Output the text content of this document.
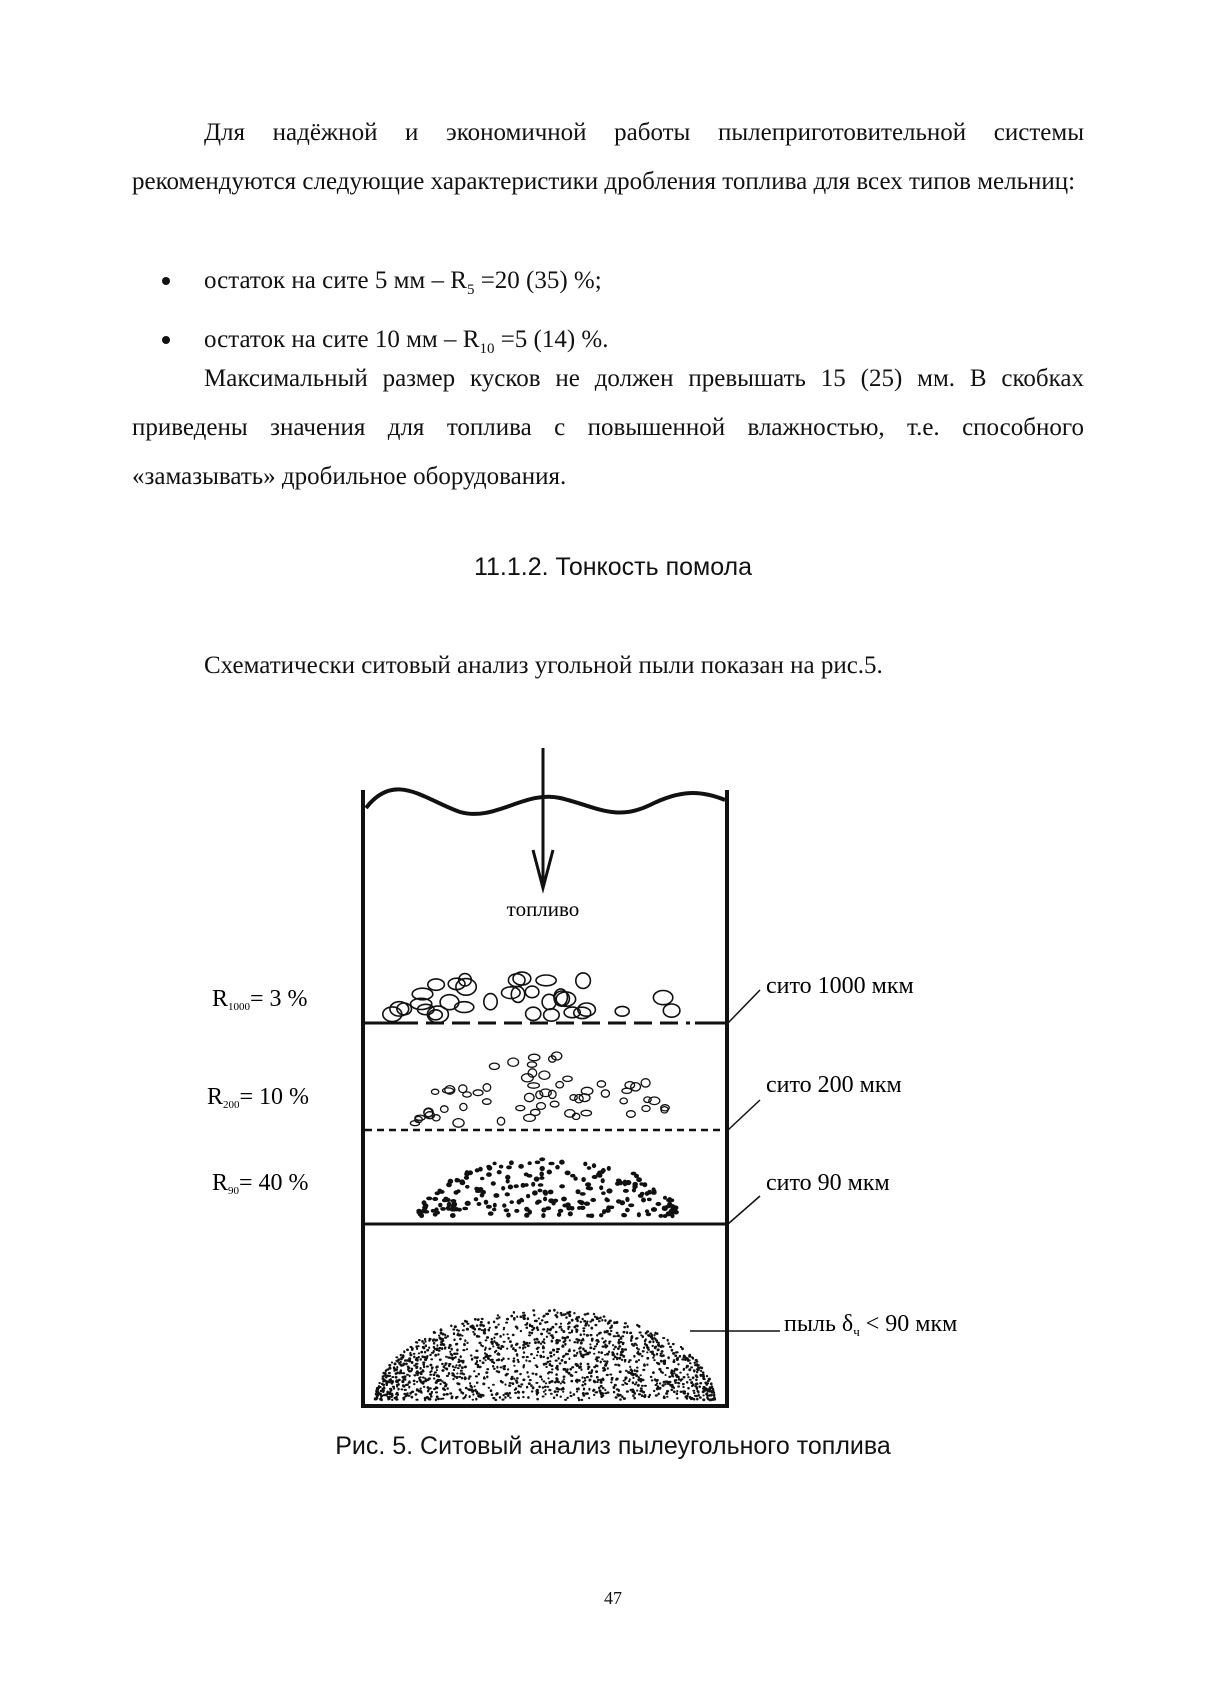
Для надёжной и экономичной работы пылеприготовительной системы рекомендуются следующие характеристики дробления топлива для всех типов мельниц:
остаток на сите 5 мм – $R_5 =20$ (35) %;
остаток на сите 10 мм – $R_{10} =5$ (14) %.
Максимальный размер кусков не должен превышать 15 (25) мм. В скобках приведены значения для топлива с повышенной влажностью, т.е. способного «замазывать» дробильное оборудования.
11.1.2. Тонкость помола
Схематически ситовый анализ угольной пыли показан на рис.5.
топливо
R1000= 3 %
R200= 10 %
R90= 40 %
сито 1000 мкм
сито 200 мкм
сито 90 мкм
пыль $\delta_ч < 90$ мкм
Рис. 5. Ситовый анализ пылеугольного топлива
47
